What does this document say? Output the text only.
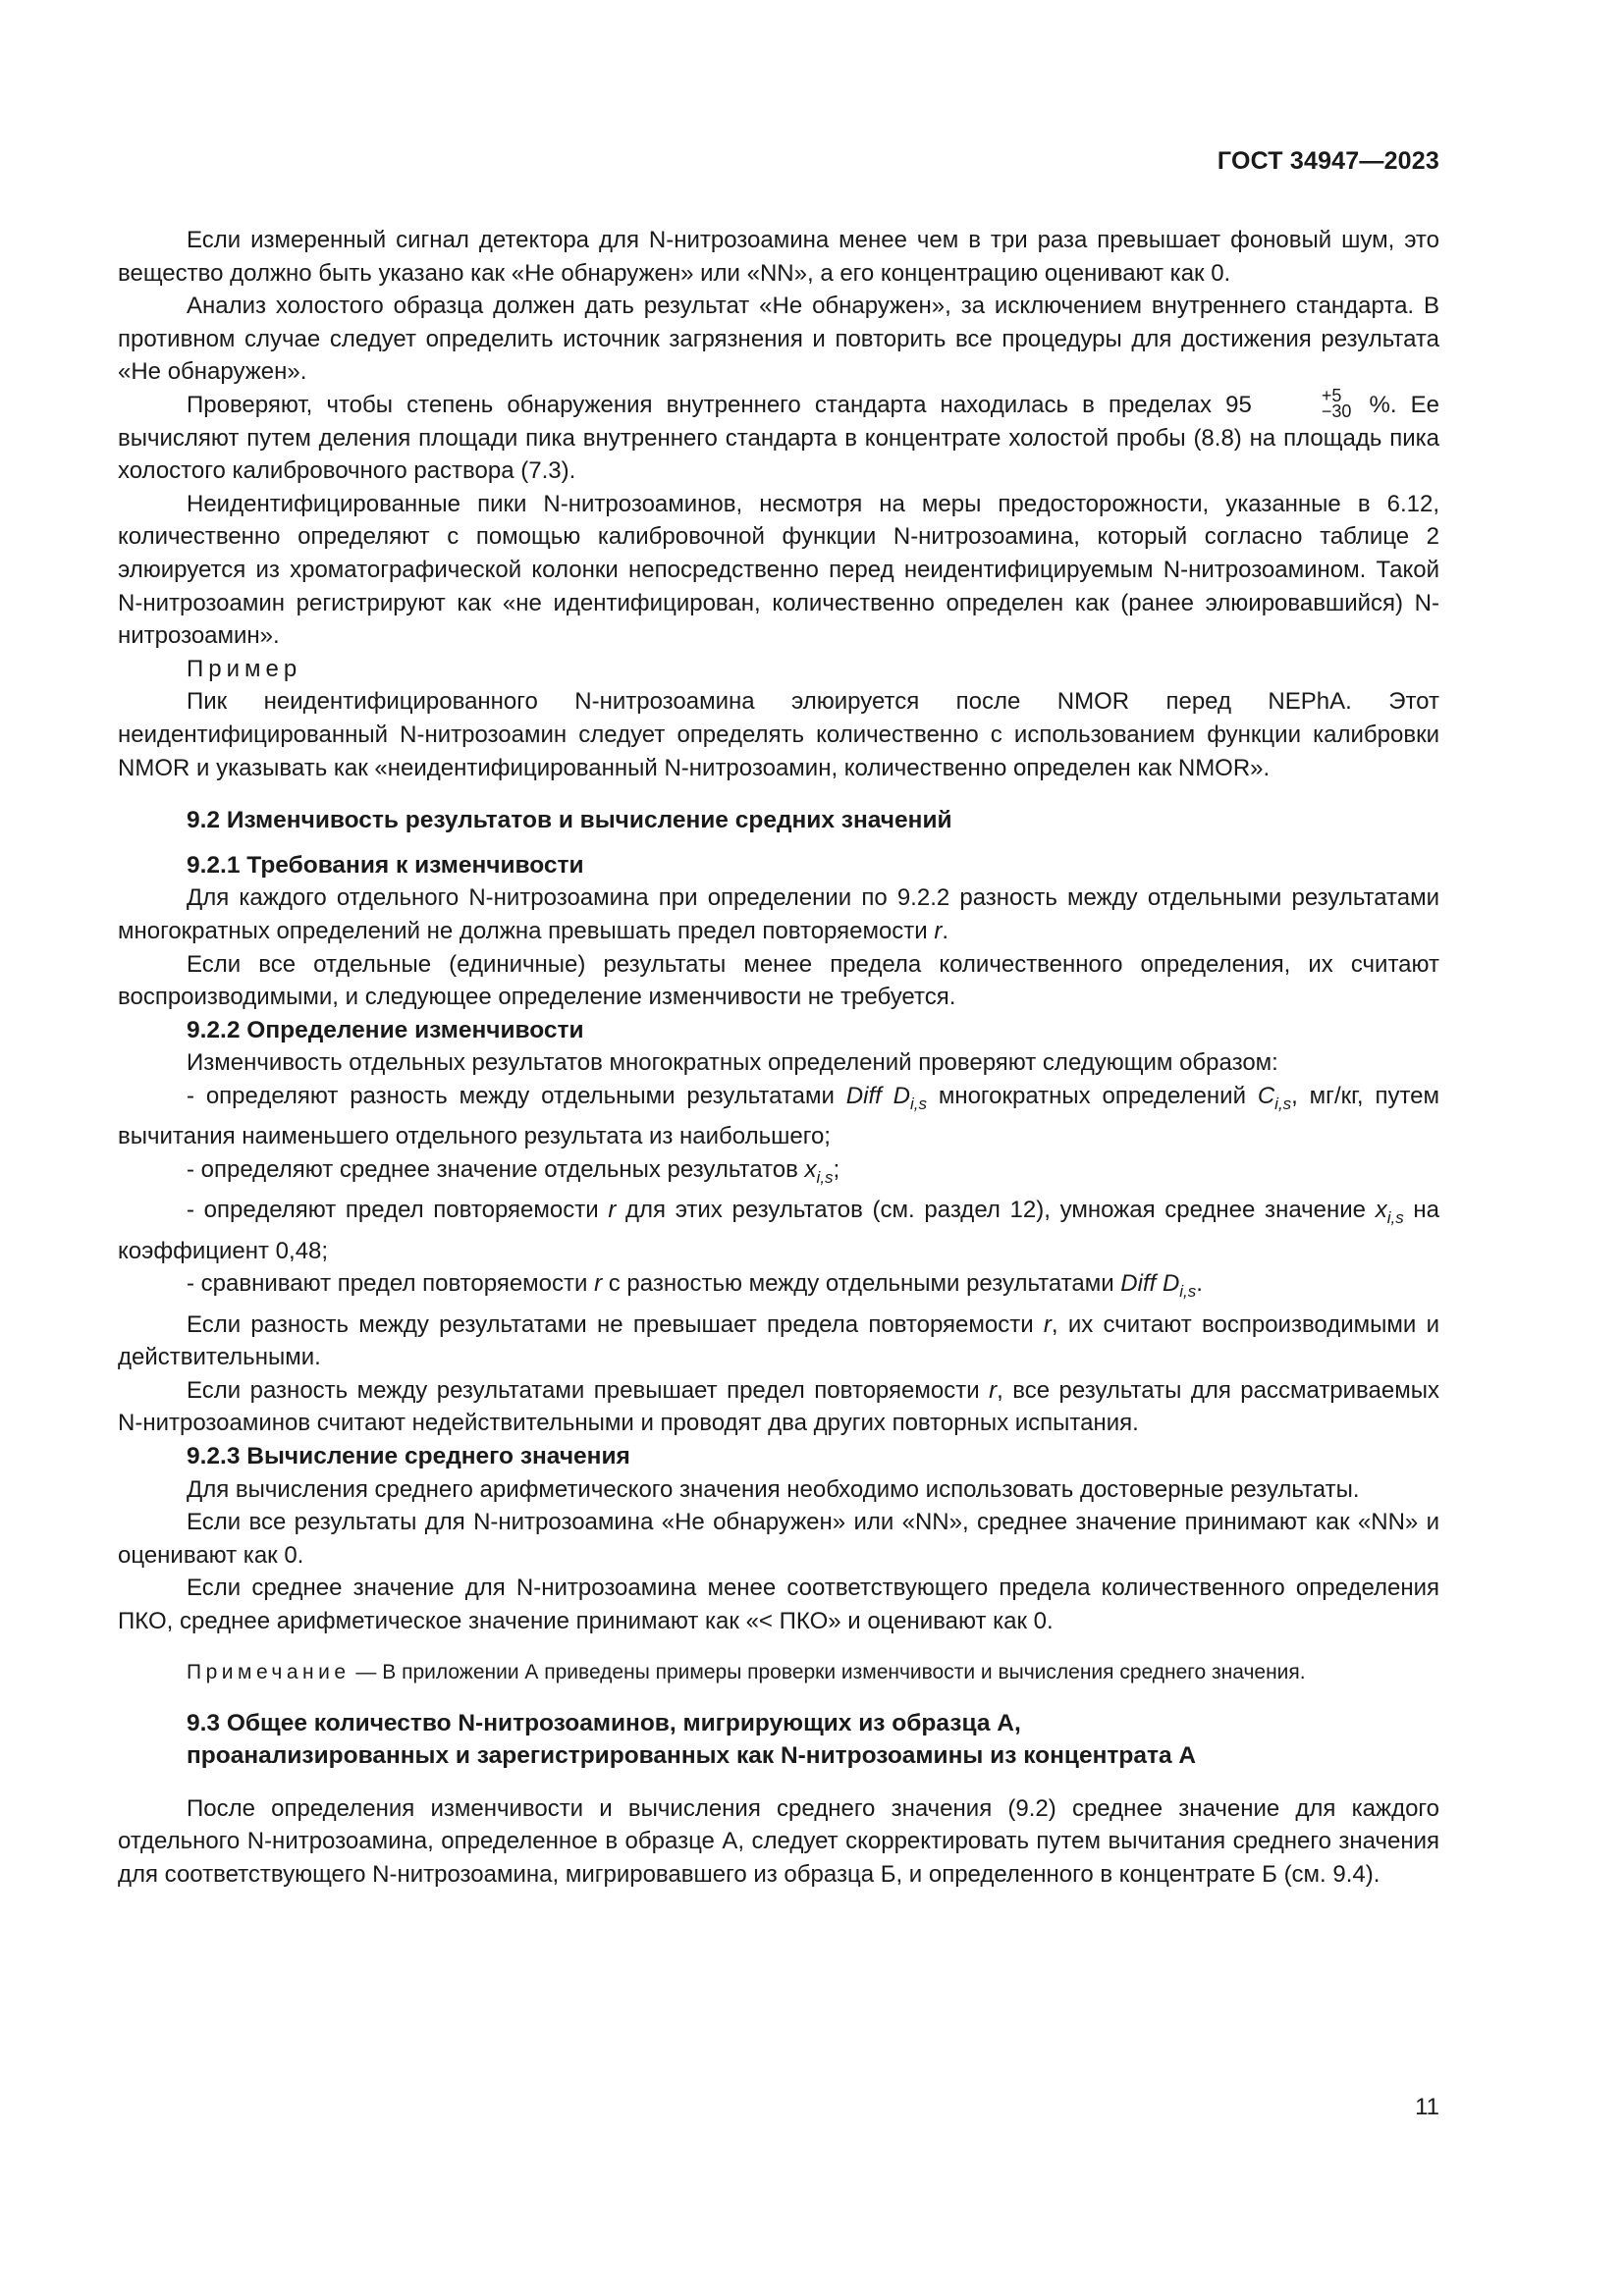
ГОСТ 34947—2023

Если измеренный сигнал детектора для N-нитрозоамина менее чем в три раза превышает фоновый шум, это вещество должно быть указано как «Не обнаружен» или «NN», а его концентрацию оценивают как 0.

Анализ холостого образца должен дать результат «Не обнаружен», за исключением внутреннего стандарта. В противном случае следует определить источник загрязнения и повторить все процедуры для достижения результата «Не обнаружен».

Проверяют, чтобы степень обнаружения внутреннего стандарта находилась в пределах 95	+5
−30 %. Ее вычисляют путем деления площади пика внутреннего стандарта в концентрате холостой пробы (8.8) на площадь пика холостого калибровочного раствора (7.3).

Неидентифицированные пики N-нитрозоаминов, несмотря на меры предосторожности, указанные в 6.12, количественно определяют с помощью калибровочной функции N-нитрозоамина, который согласно таблице 2 элюируется из хроматографической колонки непосредственно перед неидентифицируемым N-нитрозоамином. Такой N-нитрозоамин регистрируют как «не идентифицирован, количественно определен как (ранее элюировавшийся) N-нитрозоамин».

Пример

Пик неидентифицированного N-нитрозоамина элюируется после NMOR перед NEPhA. Этот неидентифицированный N-нитрозоамин следует определять количественно с использованием функции калибровки NMOR и указывать как «неидентифицированный N-нитрозоамин, количественно определен как NMOR».

9.2 Изменчивость результатов и вычисление средних значений
9.2.1 Требования к изменчивости

Для каждого отдельного N-нитрозоамина при определении по 9.2.2 разность между отдельными результатами многократных определений не должна превышать предел повторяемости r.

Если все отдельные (единичные) результаты менее предела количественного определения, их считают воспроизводимыми, и следующее определение изменчивости не требуется.

9.2.2 Определение изменчивости

Изменчивость отдельных результатов многократных определений проверяют следующим образом:

- определяют разность между отдельными результатами Diff $D_{i,s}$ многократных определений $C_{i,s}$, мг/кг, путем вычитания наименьшего отдельного результата из наибольшего;

- определяют среднее значение отдельных результатов $x_{i,s}$;

- определяют предел повторяемости r для этих результатов (см. раздел 12), умножая среднее значение $x_{i,s}$ на коэффициент 0,48;

- сравнивают предел повторяемости r с разностью между отдельными результатами Diff $D_{i,s}$.

Если разность между результатами не превышает предела повторяемости r, их считают воспроизводимыми и действительными.

Если разность между результатами превышает предел повторяемости r, все результаты для рассматриваемых N-нитрозоаминов считают недействительными и проводят два других повторных испытания.

9.2.3 Вычисление среднего значения

Для вычисления среднего арифметического значения необходимо использовать достоверные результаты.

Если все результаты для N-нитрозоамина «Не обнаружен» или «NN», среднее значение принимают как «NN» и оценивают как 0.

Если среднее значение для N-нитрозоамина менее соответствующего предела количественного определения ПКО, среднее арифметическое значение принимают как «< ПКО» и оценивают как 0.

Примечание — В приложении А приведены примеры проверки изменчивости и вычисления среднего значения.

9.3 Общее количество N-нитрозоаминов, мигрирующих из образца А,
проанализированных и зарегистрированных как N-нитрозоамины из концентрата А

После определения изменчивости и вычисления среднего значения (9.2) среднее значение для каждого отдельного N-нитрозоамина, определенное в образце А, следует скорректировать путем вычитания среднего значения для соответствующего N-нитрозоамина, мигрировавшего из образца Б, и определенного в концентрате Б (см. 9.4).

11
